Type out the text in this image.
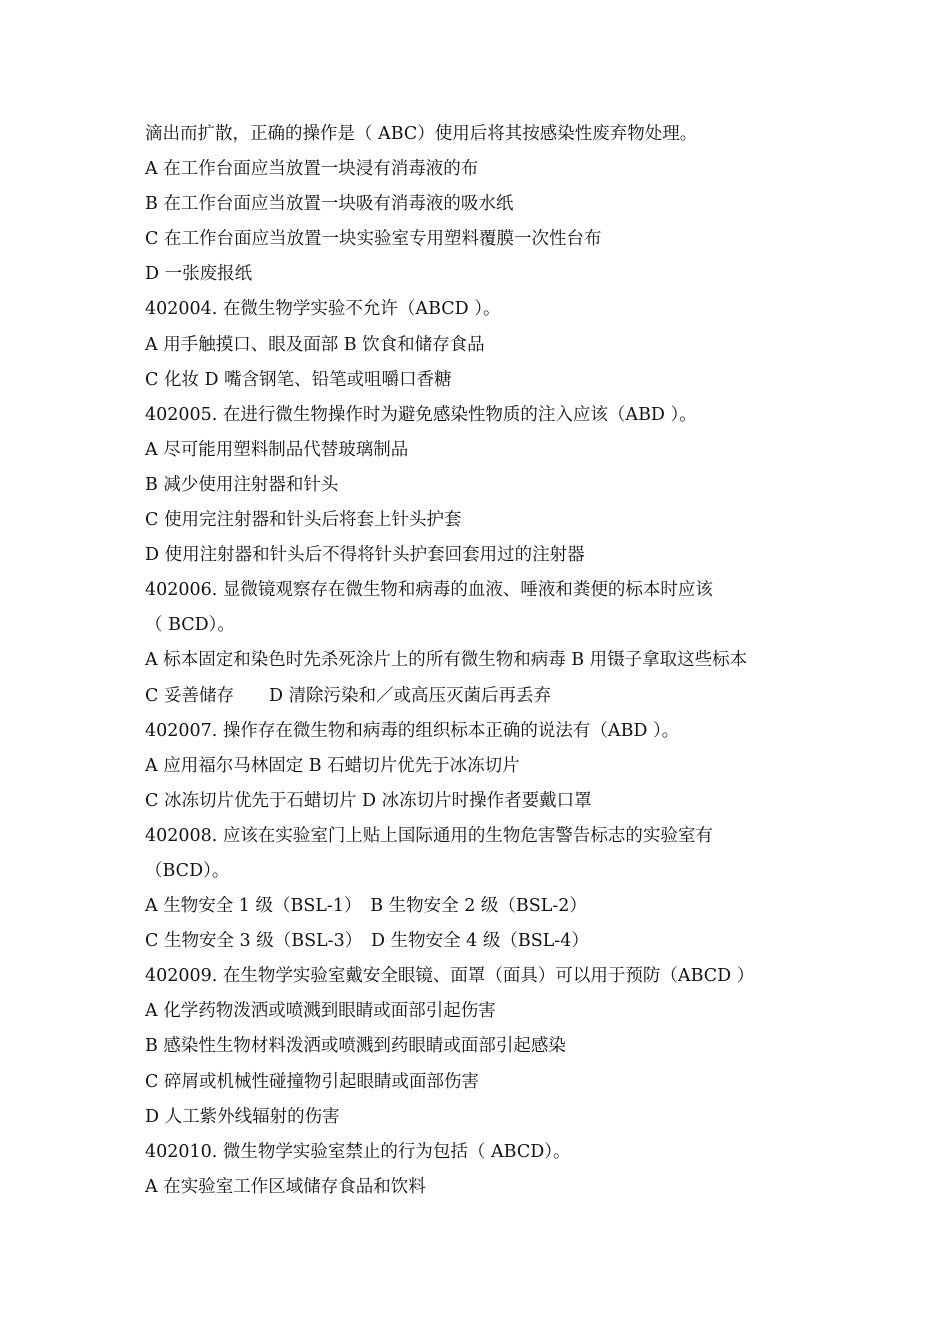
滴出而扩散，正确的操作是（ ABC）使用后将其按感染性废弃物处理。
A 在工作台面应当放置一块浸有消毒液的布
B 在工作台面应当放置一块吸有消毒液的吸水纸
C 在工作台面应当放置一块实验室专用塑料覆膜一次性台布
D 一张废报纸
402004. 在微生物学实验不允许（ABCD ）。
A 用手触摸口、眼及面部 B 饮食和储存食品
C 化妆 D 嘴含钢笔、铅笔或咀嚼口香糖
402005. 在进行微生物操作时为避免感染性物质的注入应该（ABD ）。
A 尽可能用塑料制品代替玻璃制品
B 减少使用注射器和针头
C 使用完注射器和针头后将套上针头护套
D 使用注射器和针头后不得将针头护套回套用过的注射器
402006. 显微镜观察存在微生物和病毒的血液、唾液和粪便的标本时应该
（ BCD）。
A 标本固定和染色时先杀死涂片上的所有微生物和病毒 B 用镊子拿取这些标本
C 妥善储存　　D 清除污染和／或高压灭菌后再丢弃
402007. 操作存在微生物和病毒的组织标本正确的说法有（ABD ）。
A 应用福尔马林固定 B 石蜡切片优先于冰冻切片
C 冰冻切片优先于石蜡切片 D 冰冻切片时操作者要戴口罩
402008. 应该在实验室门上贴上国际通用的生物危害警告标志的实验室有
（BCD）。
A 生物安全 1 级（BSL-1）　B 生物安全 2 级（BSL-2）
C 生物安全 3 级（BSL-3）　D 生物安全 4 级（BSL-4）
402009. 在生物学实验室戴安全眼镜、面罩（面具）可以用于预防（ABCD ）
A 化学药物泼洒或喷溅到眼睛或面部引起伤害
B 感染性生物材料泼洒或喷溅到药眼睛或面部引起感染
C 碎屑或机械性碰撞物引起眼睛或面部伤害
D 人工紫外线辐射的伤害
402010. 微生物学实验室禁止的行为包括（ ABCD）。
A 在实验室工作区域储存食品和饮料
